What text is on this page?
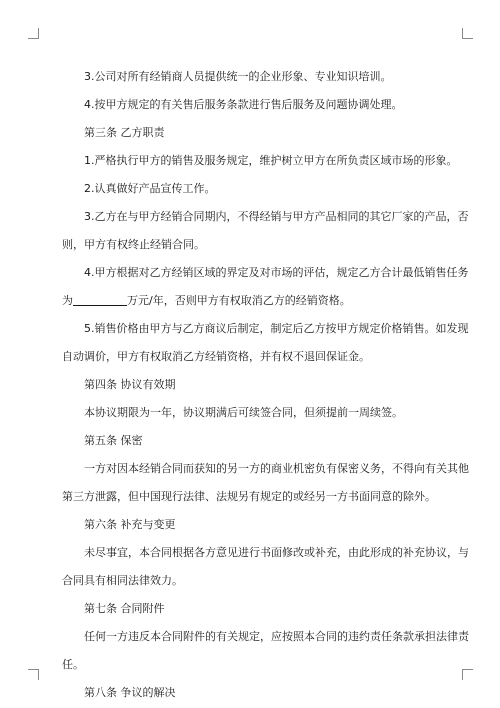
3.公司对所有经销商人员提供统一的企业形象、专业知识培训。

4.按甲方规定的有关售后服务条款进行售后服务及问题协调处理。

第三条 乙方职责

1.严格执行甲方的销售及服务规定，维护树立甲方在所负责区域市场的形象。

2.认真做好产品宣传工作。

3.乙方在与甲方经销合同期内，不得经销与甲方产品相同的其它厂家的产品，否

则，甲方有权终止经销合同。

4.甲方根据对乙方经销区域的界定及对市场的评估，规定乙方合计最低销售任务

为	万元/年，否则甲方有权取消乙方的经销资格。

5.销售价格由甲方与乙方商议后制定，制定后乙方按甲方规定价格销售。如发现

自动调价，甲方有权取消乙方经销资格，并有权不退回保证金。

第四条 协议有效期

本协议期限为一年，协议期满后可续签合同，但须提前一周续签。

第五条 保密

一方对因本经销合同而获知的另一方的商业机密负有保密义务，不得向有关其他

第三方泄露，但中国现行法律、法规另有规定的或经另一方书面同意的除外。

第六条 补充与变更

未尽事宜，本合同根据各方意见进行书面修改或补充，由此形成的补充协议，与

合同具有相同法律效力。

第七条 合同附件

任何一方违反本合同附件的有关规定，应按照本合同的违约责任条款承担法律责

任。

第八条 争议的解决
